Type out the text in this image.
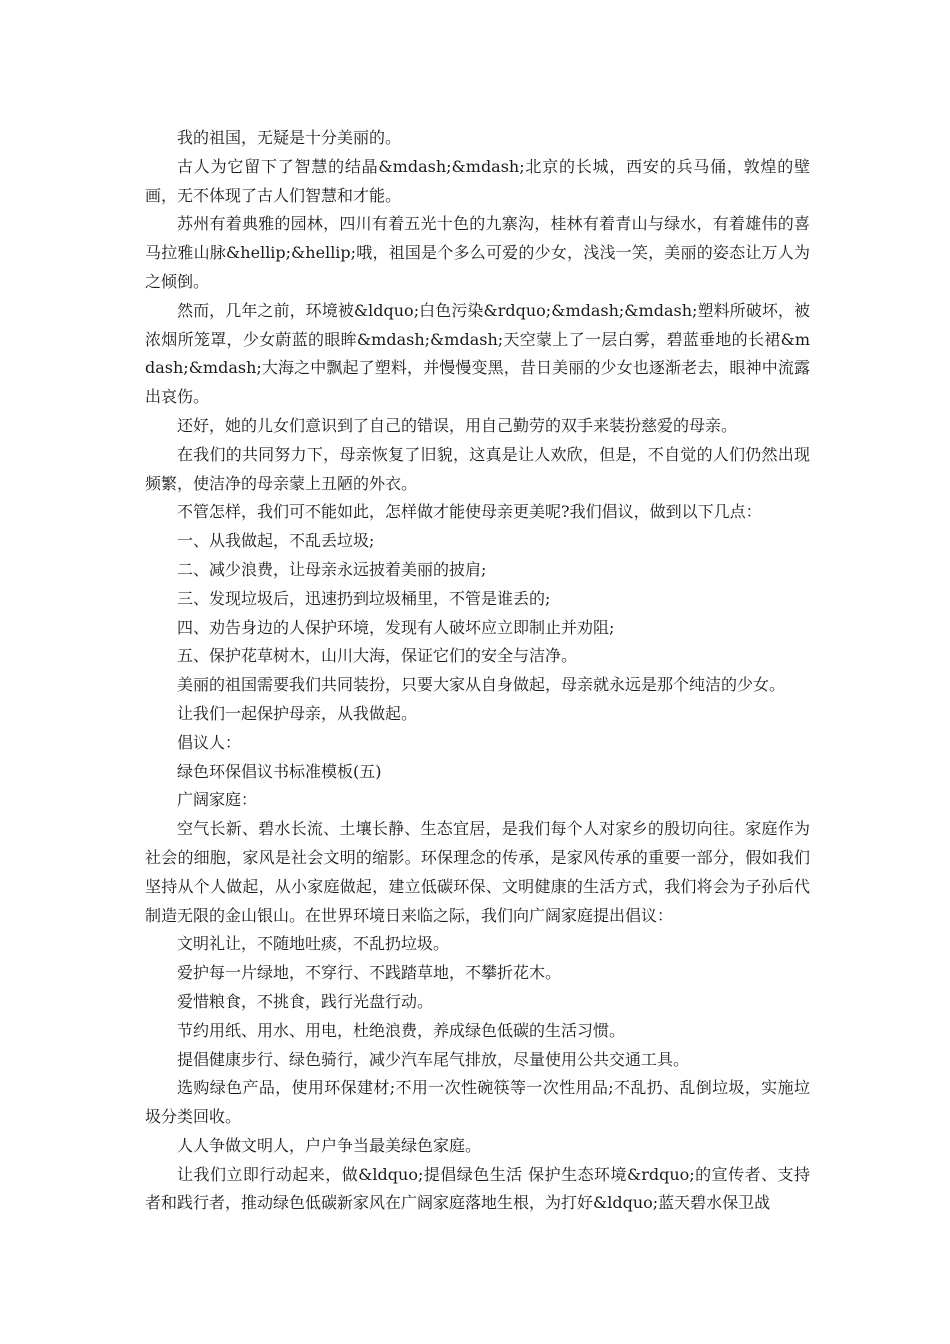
我的祖国，无疑是十分美丽的。

古人为它留下了智慧的结晶&mdash;&mdash;北京的长城，西安的兵马俑，敦煌的壁画，无不体现了古人们智慧和才能。

苏州有着典雅的园林，四川有着五光十色的九寨沟，桂林有着青山与绿水，有着雄伟的喜马拉雅山脉&hellip;&hellip;哦，祖国是个多么可爱的少女，浅浅一笑，美丽的姿态让万人为之倾倒。

然而，几年之前，环境被&ldquo;白色污染&rdquo;&mdash;&mdash;塑料所破坏，被浓烟所笼罩，少女蔚蓝的眼眸&mdash;&mdash;天空蒙上了一层白雾，碧蓝垂地的长裙&mdash;&mdash;大海之中飘起了塑料，并慢慢变黑，昔日美丽的少女也逐渐老去，眼神中流露出哀伤。

还好，她的儿女们意识到了自己的错误，用自己勤劳的双手来装扮慈爱的母亲。

在我们的共同努力下，母亲恢复了旧貌，这真是让人欢欣，但是，不自觉的人们仍然出现频繁，使洁净的母亲蒙上丑陋的外衣。

不管怎样，我们可不能如此，怎样做才能使母亲更美呢?我们倡议，做到以下几点：

一、从我做起，不乱丢垃圾;

二、减少浪费，让母亲永远披着美丽的披肩;

三、发现垃圾后，迅速扔到垃圾桶里，不管是谁丢的;

四、劝告身边的人保护环境，发现有人破坏应立即制止并劝阻;

五、保护花草树木，山川大海，保证它们的安全与洁净。

美丽的祖国需要我们共同装扮，只要大家从自身做起，母亲就永远是那个纯洁的少女。

让我们一起保护母亲，从我做起。

倡议人：

绿色环保倡议书标准模板(五)

广阔家庭：

空气长新、碧水长流、土壤长静、生态宜居，是我们每个人对家乡的殷切向往。家庭作为社会的细胞，家风是社会文明的缩影。环保理念的传承，是家风传承的重要一部分，假如我们坚持从个人做起，从小家庭做起，建立低碳环保、文明健康的生活方式，我们将会为子孙后代制造无限的金山银山。在世界环境日来临之际，我们向广阔家庭提出倡议：

文明礼让，不随地吐痰，不乱扔垃圾。

爱护每一片绿地，不穿行、不践踏草地，不攀折花木。

爱惜粮食，不挑食，践行光盘行动。

节约用纸、用水、用电，杜绝浪费，养成绿色低碳的生活习惯。

提倡健康步行、绿色骑行，减少汽车尾气排放，尽量使用公共交通工具。

选购绿色产品，使用环保建材;不用一次性碗筷等一次性用品;不乱扔、乱倒垃圾，实施垃圾分类回收。

人人争做文明人，户户争当最美绿色家庭。

让我们立即行动起来，做&ldquo;提倡绿色生活 保护生态环境&rdquo;的宣传者、支持者和践行者，推动绿色低碳新家风在广阔家庭落地生根，为打好&ldquo;蓝天碧水保卫战
